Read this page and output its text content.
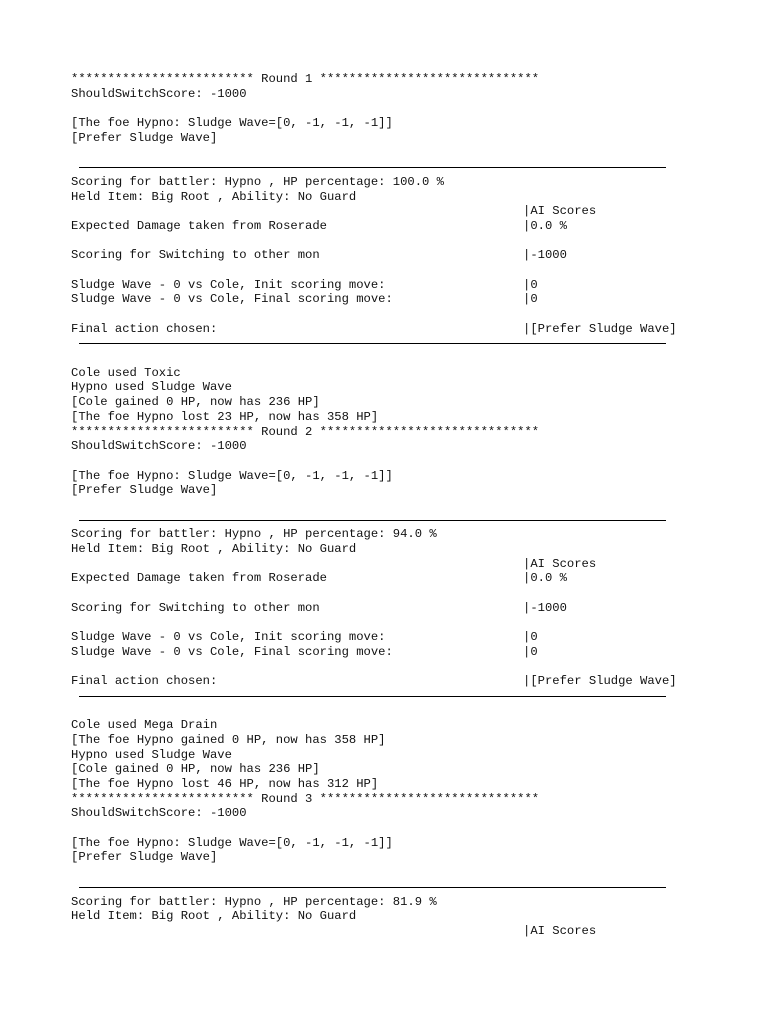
************************* Round 1 ******************************
ShouldSwitchScore: -1000
[The foe Hypno: Sludge Wave=[0, -1, -1, -1]]
[Prefer Sludge Wave]
Scoring for battler: Hypno , HP percentage: 100.0 %
Held Item: Big Root , Ability: No Guard
|AI Scores
Expected Damage taken from Roserade	|0.0 %
Scoring for Switching to other mon	|-1000
Sludge Wave - 0 vs Cole, Init scoring move:	|0
Sludge Wave - 0 vs Cole, Final scoring move:	|0
Final action chosen:	|[Prefer Sludge Wave]
Cole used Toxic
Hypno used Sludge Wave
[Cole gained 0 HP, now has 236 HP]
[The foe Hypno lost 23 HP, now has 358 HP]
************************* Round 2 ******************************
ShouldSwitchScore: -1000
[The foe Hypno: Sludge Wave=[0, -1, -1, -1]]
[Prefer Sludge Wave]
Scoring for battler: Hypno , HP percentage: 94.0 %
Held Item: Big Root , Ability: No Guard
|AI Scores
Expected Damage taken from Roserade	|0.0 %
Scoring for Switching to other mon	|-1000
Sludge Wave - 0 vs Cole, Init scoring move:	|0
Sludge Wave - 0 vs Cole, Final scoring move:	|0
Final action chosen:	|[Prefer Sludge Wave]
Cole used Mega Drain
[The foe Hypno gained 0 HP, now has 358 HP]
Hypno used Sludge Wave
[Cole gained 0 HP, now has 236 HP]
[The foe Hypno lost 46 HP, now has 312 HP]
************************* Round 3 ******************************
ShouldSwitchScore: -1000
[The foe Hypno: Sludge Wave=[0, -1, -1, -1]]
[Prefer Sludge Wave]
Scoring for battler: Hypno , HP percentage: 81.9 %
Held Item: Big Root , Ability: No Guard
|AI Scores
